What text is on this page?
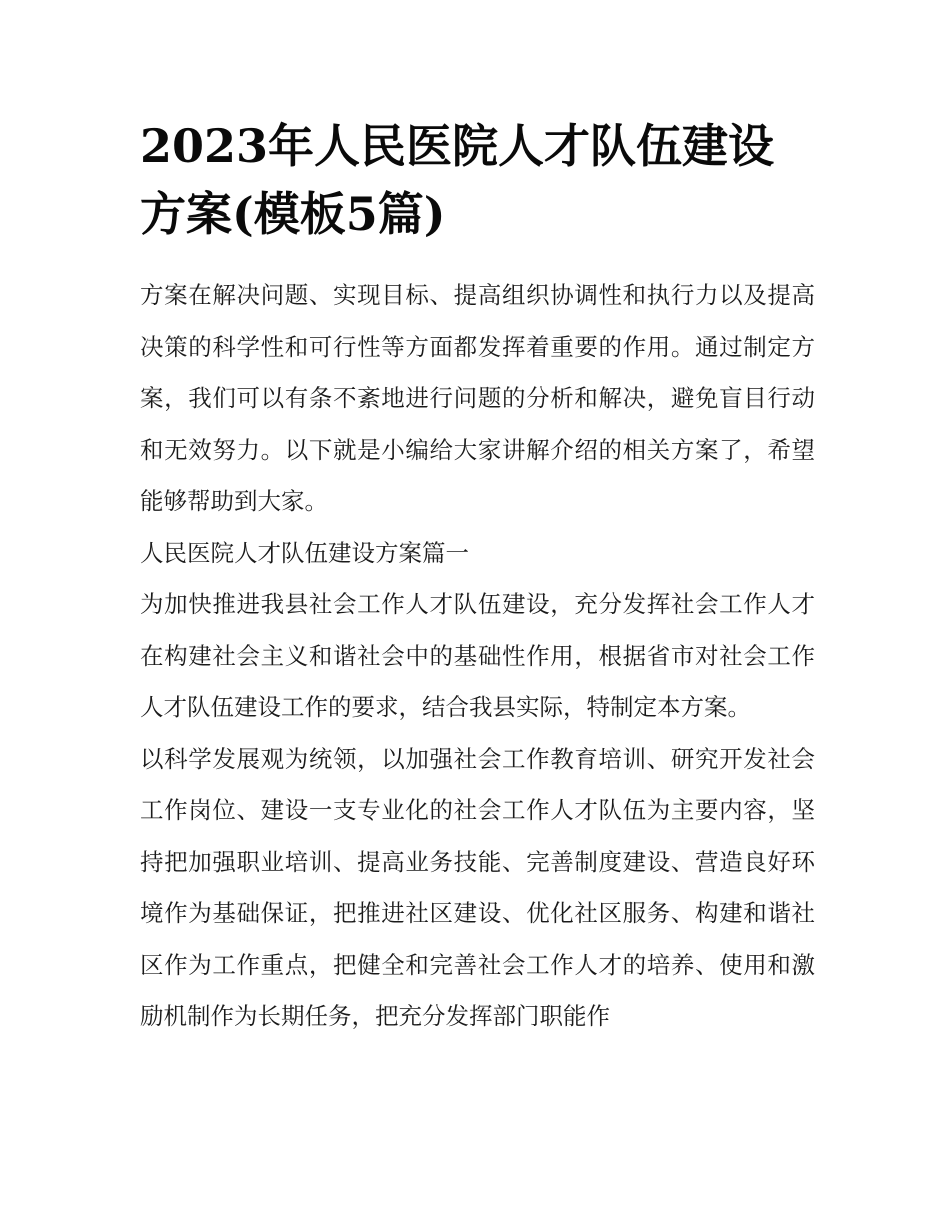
2023年人民医院人才队伍建设方案(模板5篇)

方案在解决问题、实现目标、提高组织协调性和执行力以及提高决策的科学性和可行性等方面都发挥着重要的作用。通过制定方案，我们可以有条不紊地进行问题的分析和解决，避免盲目行动和无效努力。以下就是小编给大家讲解介绍的相关方案了，希望能够帮助到大家。

人民医院人才队伍建设方案篇一

为加快推进我县社会工作人才队伍建设，充分发挥社会工作人才在构建社会主义和谐社会中的基础性作用，根据省市对社会工作人才队伍建设工作的要求，结合我县实际，特制定本方案。

以科学发展观为统领，以加强社会工作教育培训、研究开发社会工作岗位、建设一支专业化的社会工作人才队伍为主要内容，坚持把加强职业培训、提高业务技能、完善制度建设、营造良好环境作为基础保证，把推进社区建设、优化社区服务、构建和谐社区作为工作重点，把健全和完善社会工作人才的培养、使用和激励机制作为长期任务，把充分发挥部门职能作
